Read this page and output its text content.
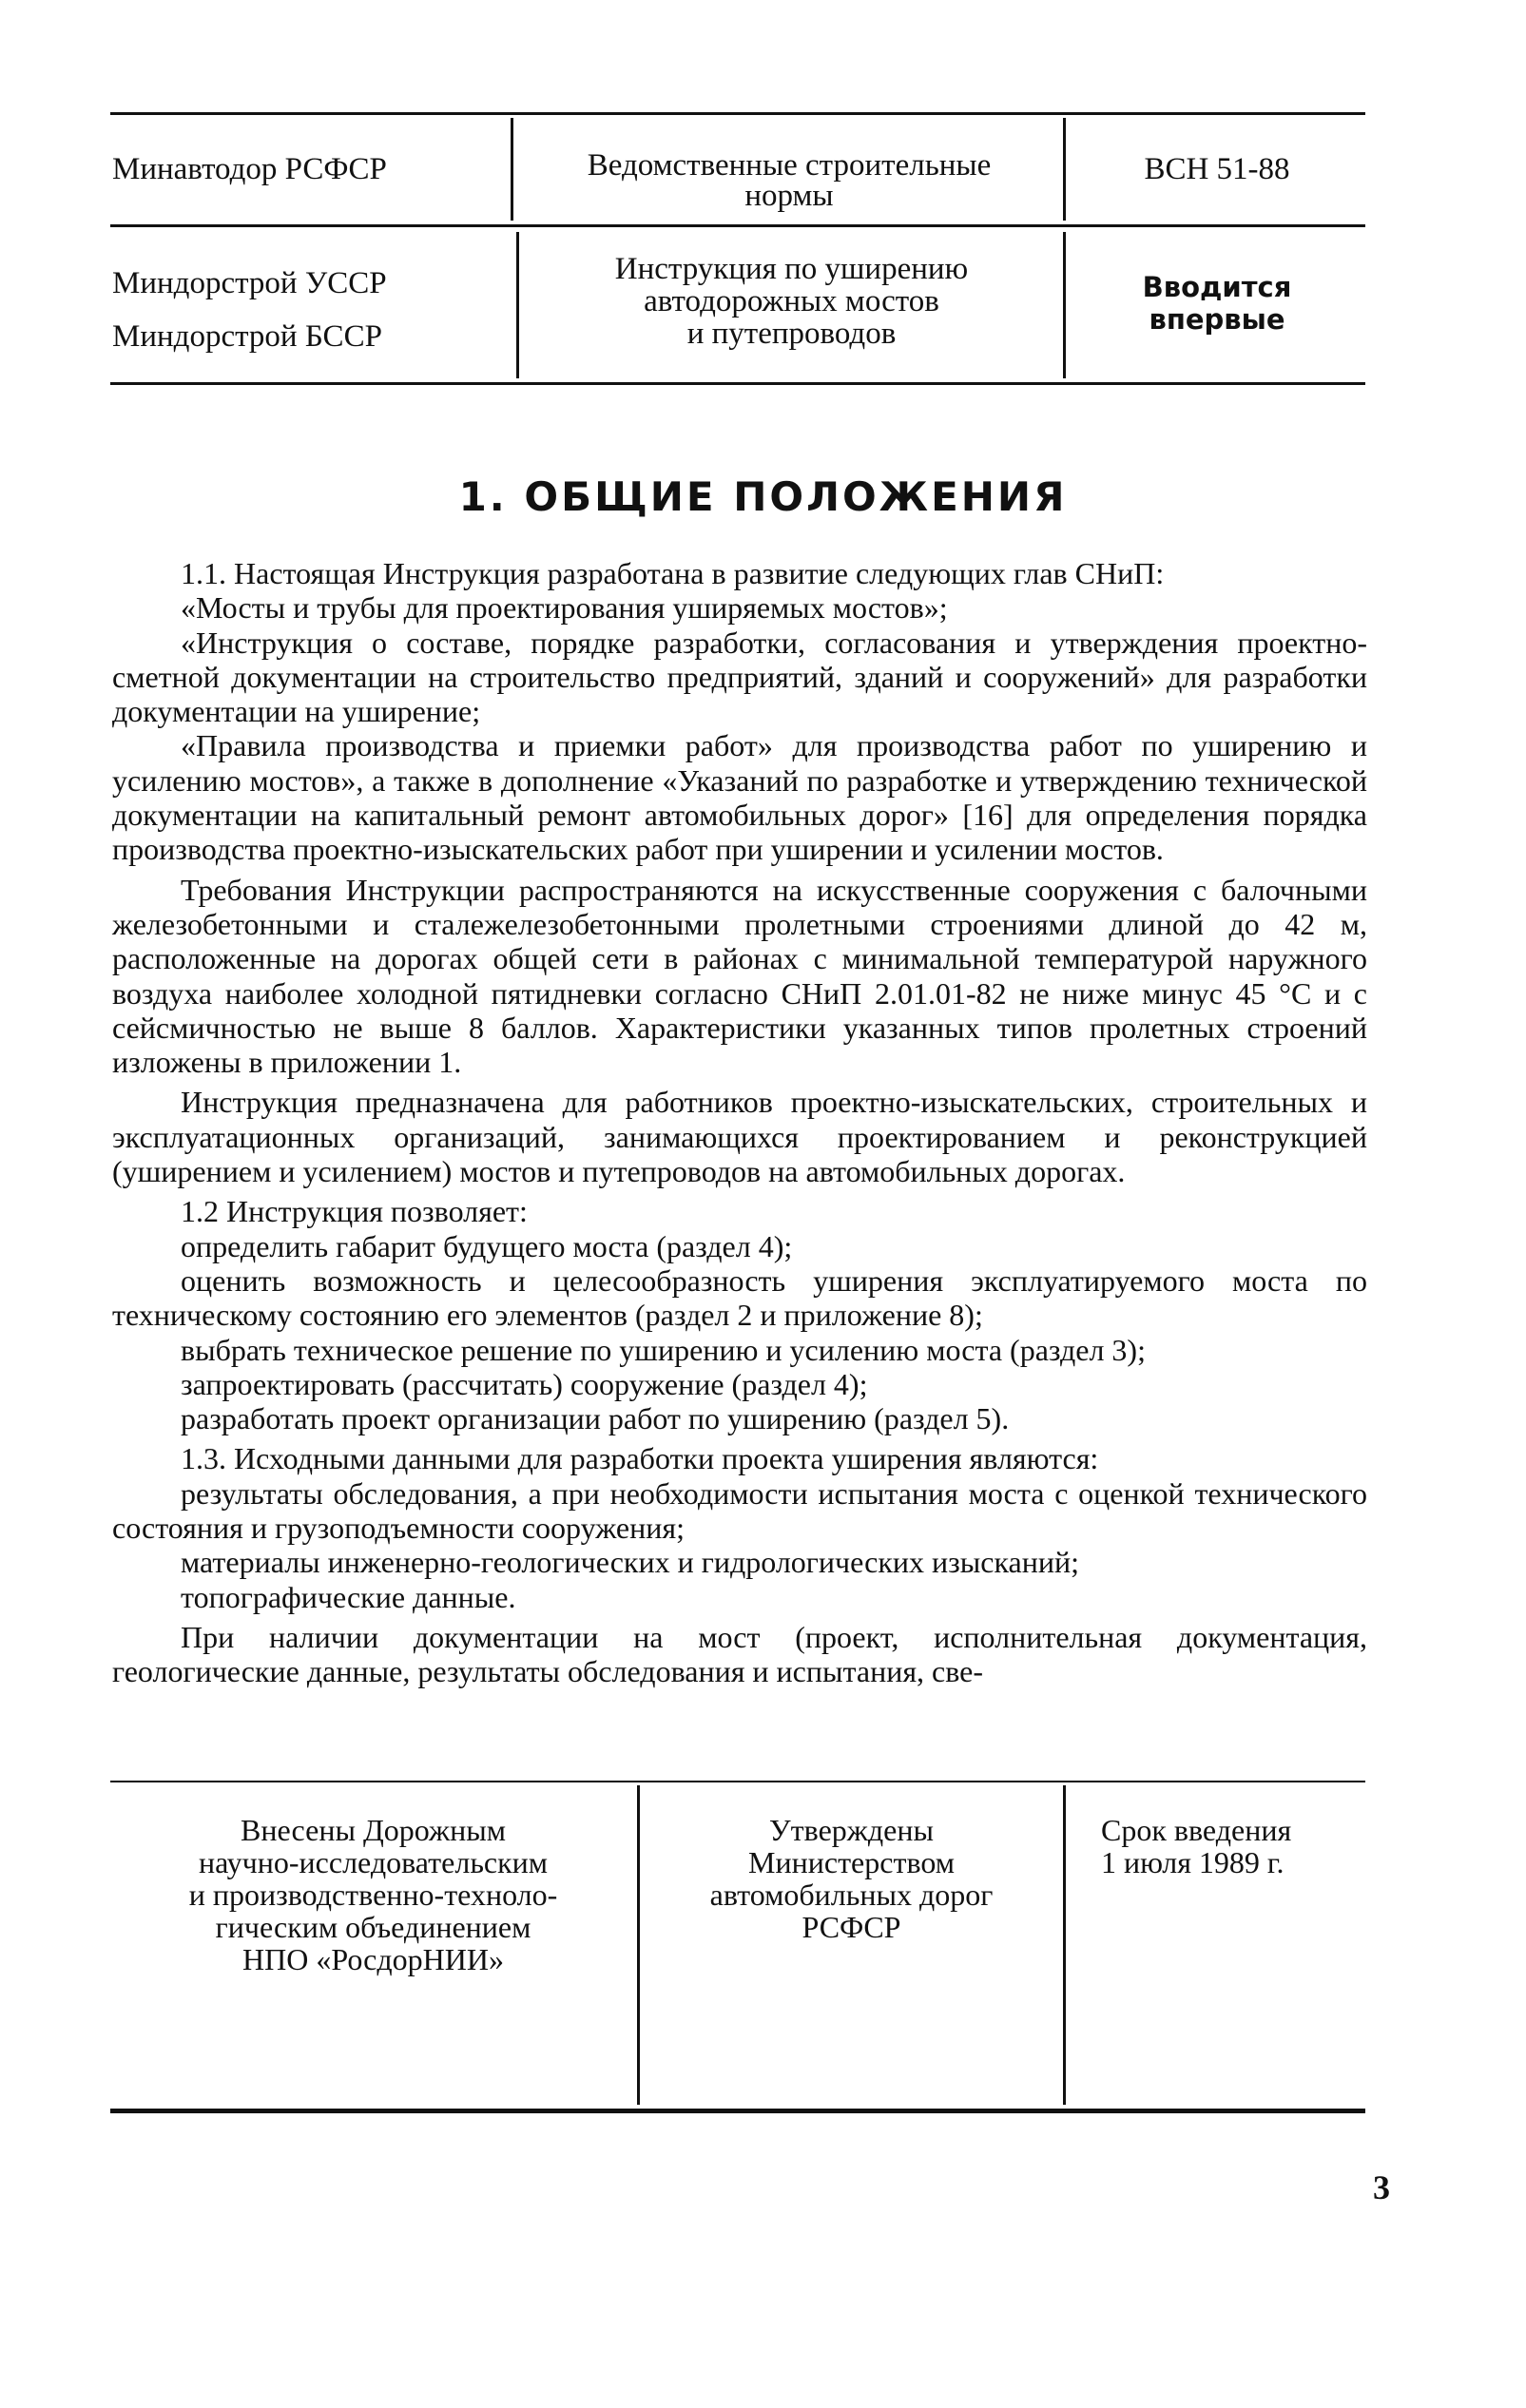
Минавтодор РСФСР	Ведомственные строительные
нормы
ВСН 51-88
Миндорстрой УССР
Миндорстрой БССР
Инструкция по уширению
автодорожных мостов
и путепроводов
Вводится
впервые
1. ОБЩИЕ ПОЛОЖЕНИЯ

1.1. Настоящая Инструкция разработана в развитие следующих глав СНиП:

«Мосты и трубы для проектирования уширяемых мостов»;

«Инструкция о составе, порядке разработки, согласования и утверждения проектно-сметной документации на строительство предприятий, зданий и сооружений» для разработки документации на уширение;

«Правила производства и приемки работ» для производства работ по уширению и усилению мостов», а также в дополнение «Указаний по разработке и утверждению технической документации на капитальный ремонт автомобильных дорог» [16] для определения порядка производства проектно-изыскательских работ при уширении и усилении мостов.

Требования Инструкции распространяются на искусственные сооружения с балочными железобетонными и сталежелезобетонными пролетными строениями длиной до 42 м, расположенные на дорогах общей сети в районах с минимальной температурой наружного воздуха наиболее холодной пятидневки согласно СНиП 2.01.01-82 не ниже минус 45 °С и с сейсмичностью не выше 8 баллов. Характеристики указанных типов пролетных строений изложены в приложении 1.

Инструкция предназначена для работников проектно-изыскательских, строительных и эксплуатационных организаций, занимающихся проектированием и реконструкцией (уширением и усилением) мостов и путепроводов на автомобильных дорогах.

1.2 Инструкция позволяет:

определить габарит будущего моста (раздел 4);

оценить возможность и целесообразность уширения эксплуатируемого моста по техническому состоянию его элементов (раздел 2 и приложение 8);

выбрать техническое решение по уширению и усилению моста (раздел 3);

запроектировать (рассчитать) сооружение (раздел 4);

разработать проект организации работ по уширению (раздел 5).

1.3. Исходными данными для разработки проекта уширения являются:

результаты обследования, а при необходимости испытания моста с оценкой технического состояния и грузоподъемности сооружения;

материалы инженерно-геологических и гидрологических изысканий;

топографические данные.

При наличии документации на мост (проект, исполнительная документация, геологические данные, результаты обследования и испытания, све-

Внесены Дорожным
научно-исследовательским
и производственно-техноло-
гическим объединением
НПО «РосдорНИИ»
Утверждены
Министерством
автомобильных дорог
РСФСР
Срок введения
1 июля 1989 г.
3
